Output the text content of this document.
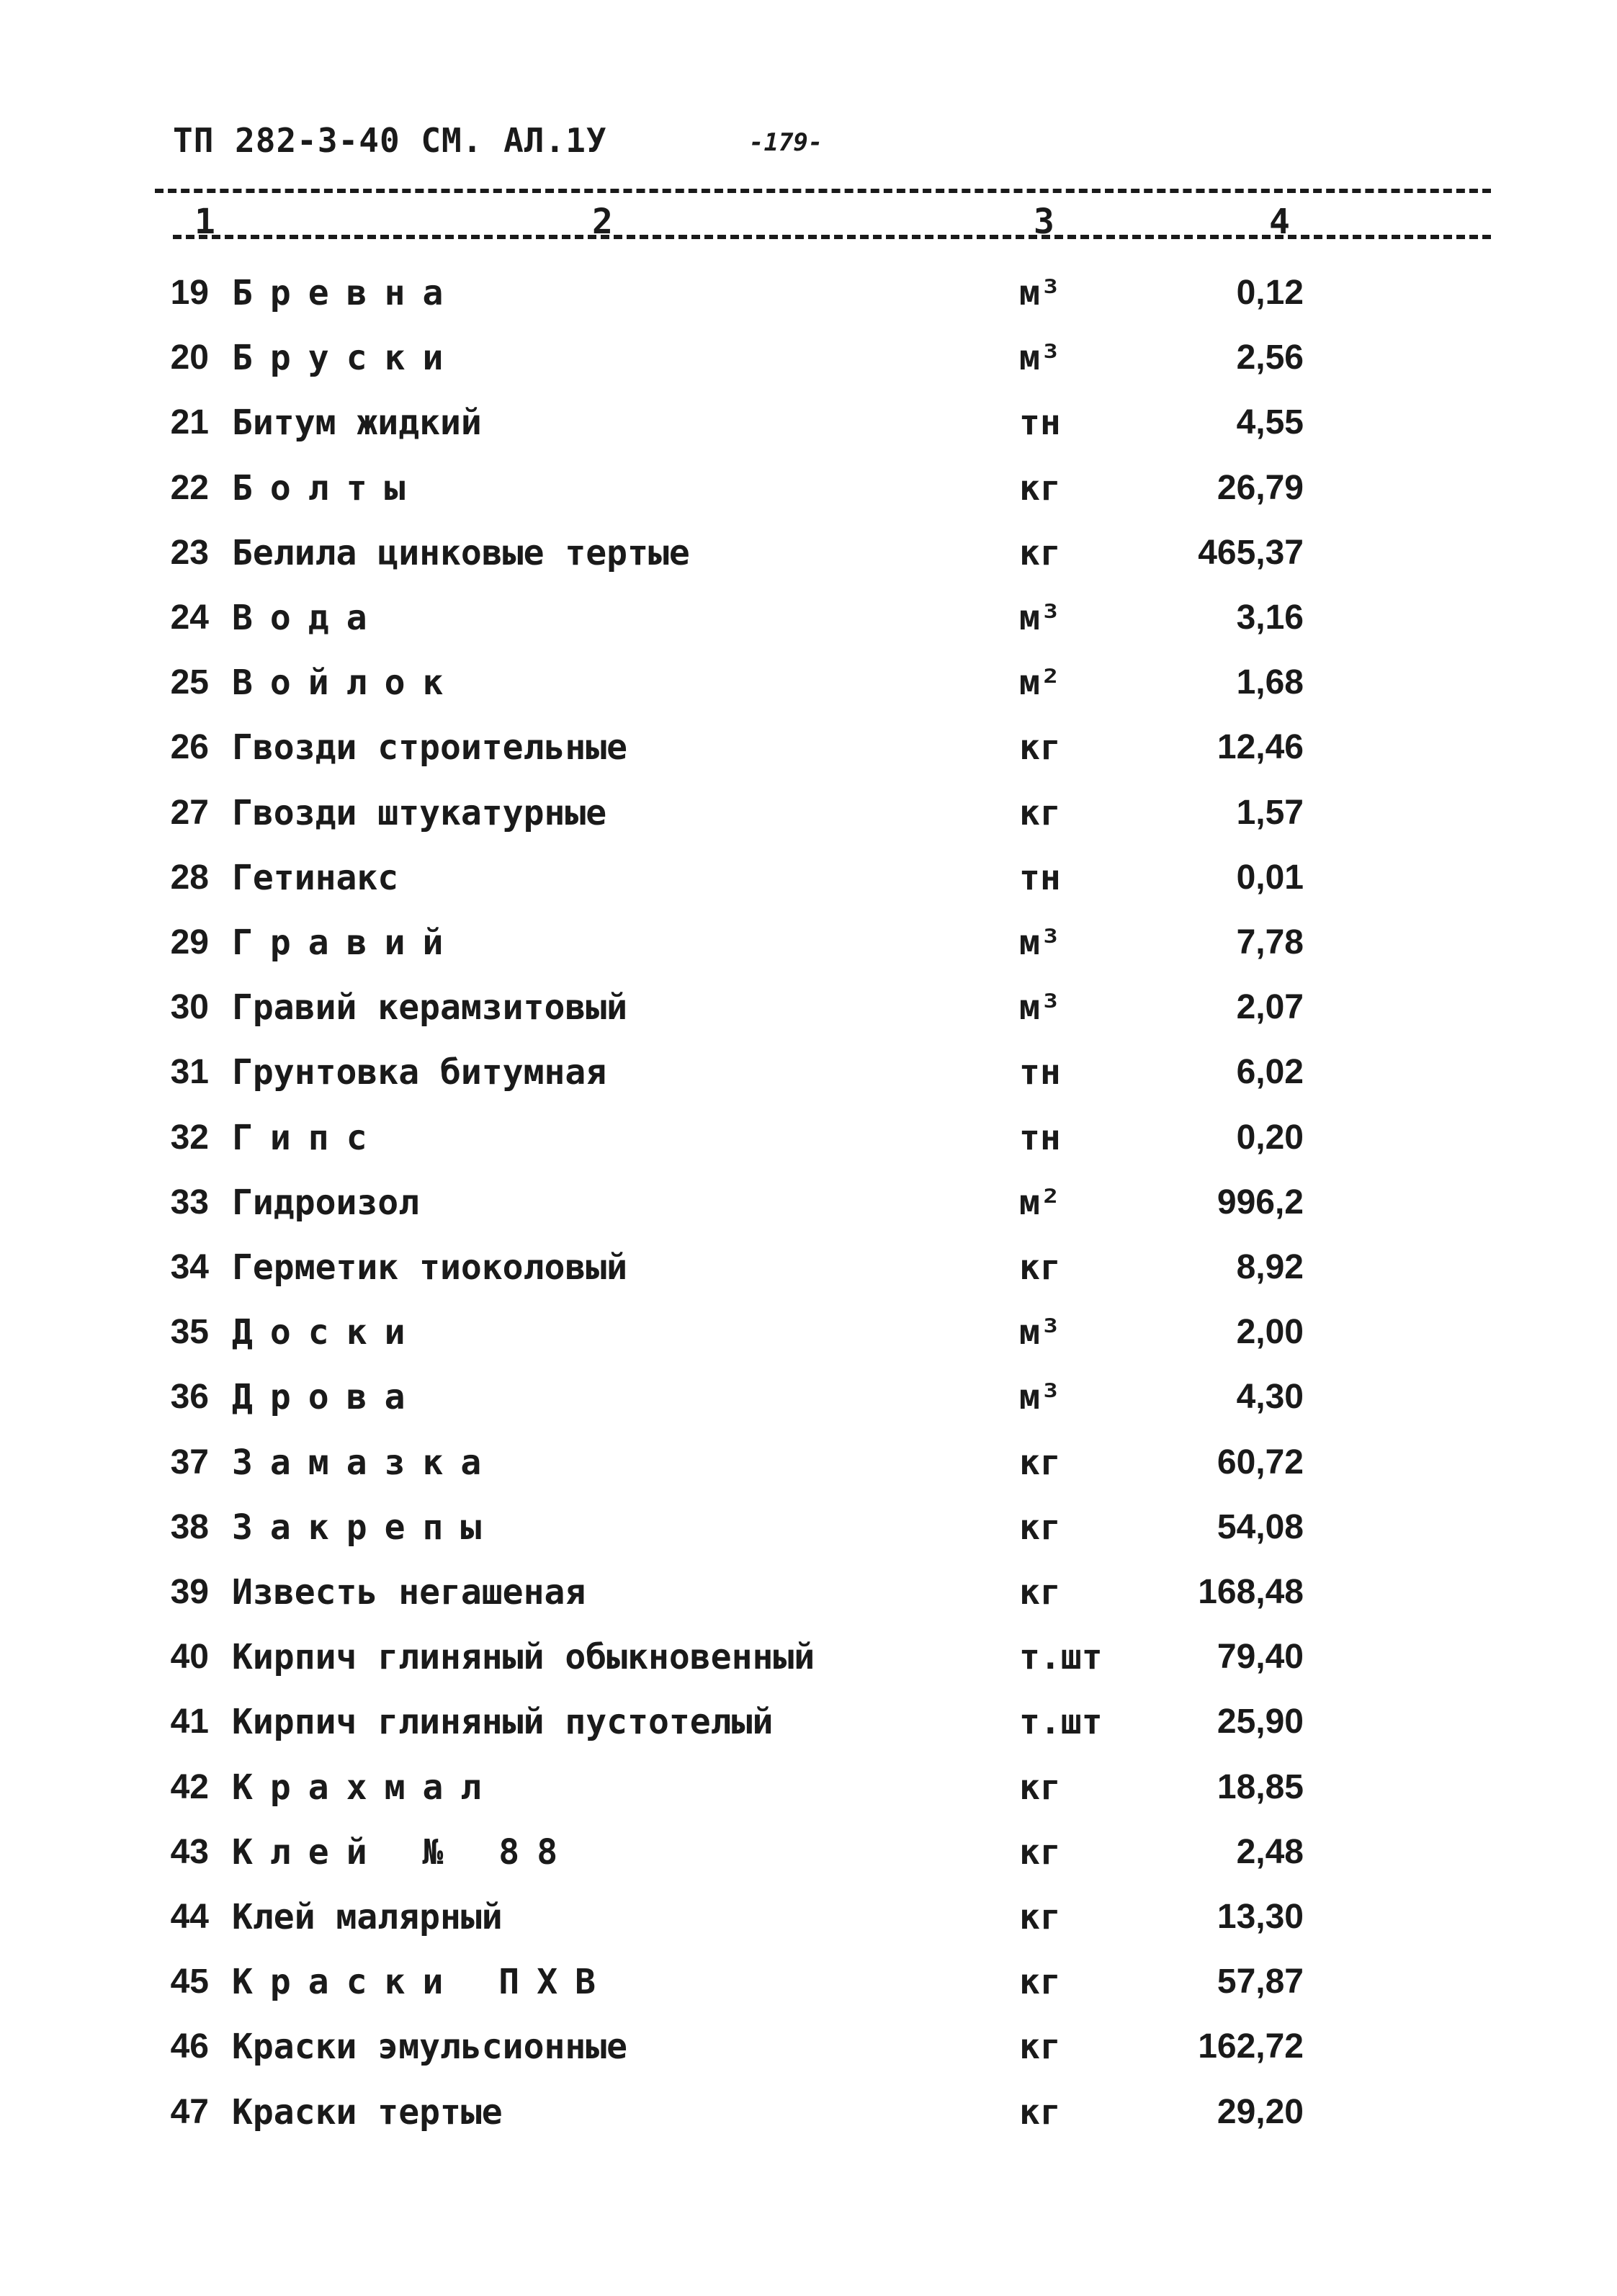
ТП 282-3-40 СМ. АЛ.1У	-179-
1	2	3	4
19 Бревна	м³	0,12
20 Бруски	м³	2,56
21 Битум жидкий	тн	4,55
22 Болты	кг	26,79
23 Белила цинковые тертые	кг	465,37
24 Вода	м³	3,16
25 Войлок	м²	1,68
26 Гвозди строительные	кг	12,46
27 Гвозди штукатурные	кг	1,57
28 Гетинакс	тн	0,01
29 Гравий	м³	7,78
30 Гравий керамзитовый	м³	2,07
31 Грунтовка битумная	тн	6,02
32 Гипс	тн	0,20
33 Гидроизол	м²	996,2
34 Герметик тиоколовый	кг	8,92
35 Доски	м³	2,00
36 Дрова	м³	4,30
37 Замазка	кг	60,72
38 Закрепы	кг	54,08
39 Известь негашеная	кг	168,48
40 Кирпич глиняный обыкновенный	т.шт	79,40
41 Кирпич глиняный пустотелый	т.шт	25,90
42 Крахмал	кг	18,85
43 Клей № 88	кг	2,48
44 Клей малярный	кг	13,30
45 Краски ПХВ	кг	57,87
46 Краски эмульсионные	кг	162,72
47 Краски тертые	кг	29,20
